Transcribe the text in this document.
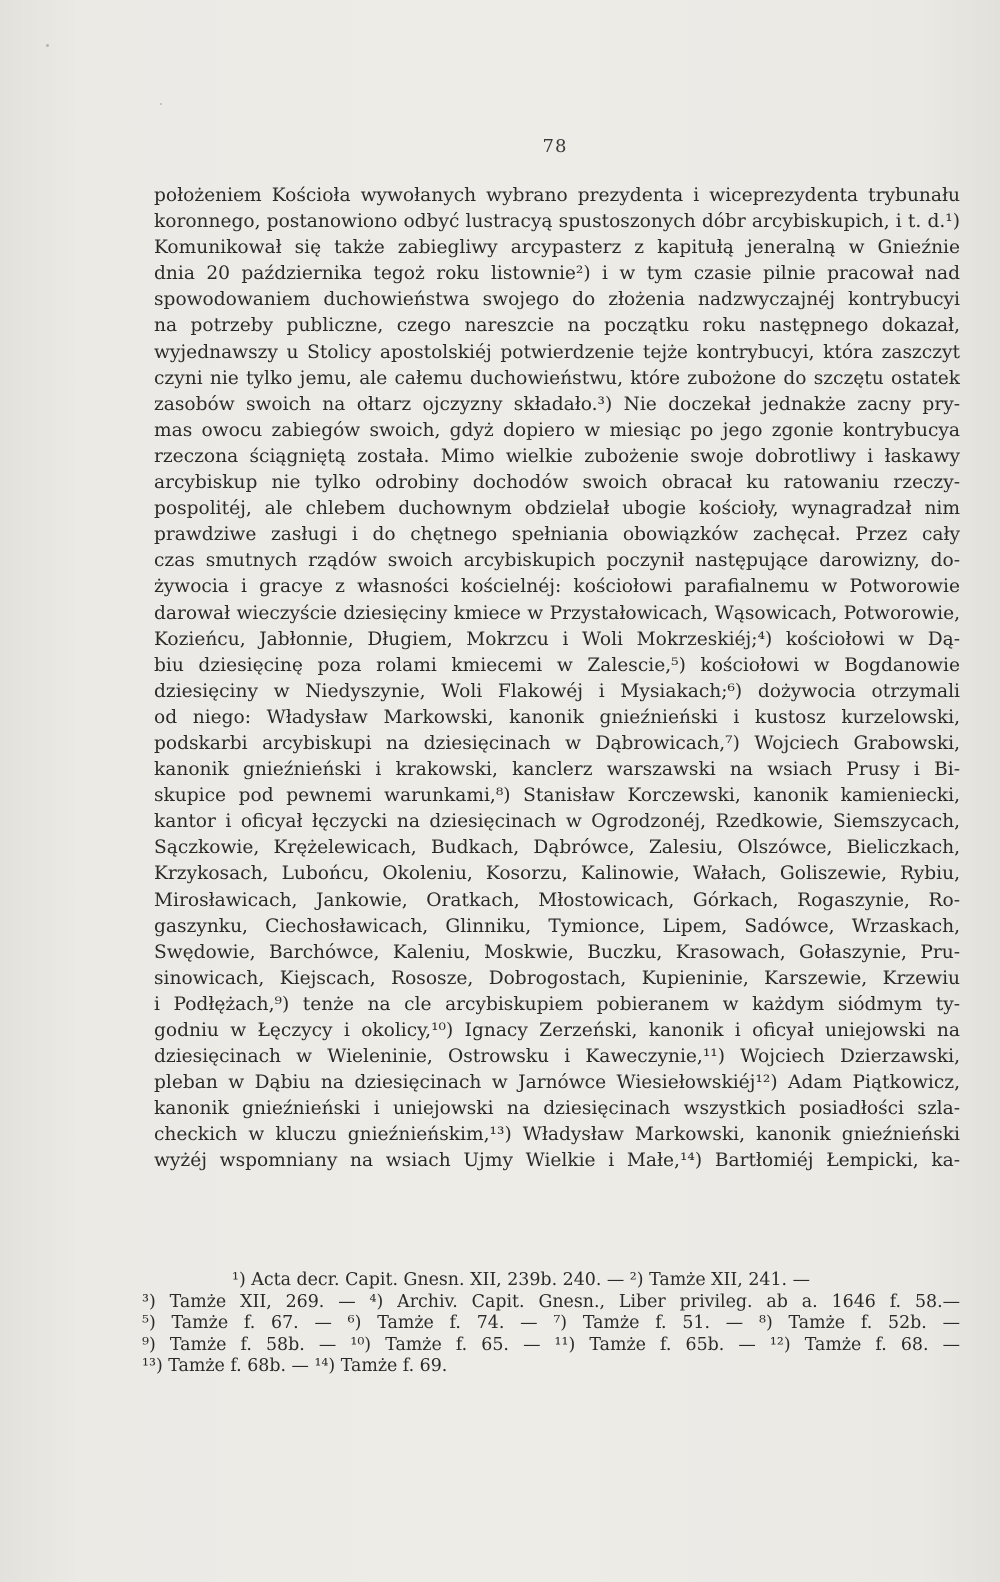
78
położeniem Kościoła wywołanych wybrano prezydenta i wiceprezydenta trybunału
koronnego, postanowiono odbyć lustracyą spustoszonych dóbr arcybiskupich, i t. d.¹)
Komunikował się także zabiegliwy arcypasterz z kapitułą jeneralną w Gnieźnie
dnia 20 października tegoż roku listownie²) i w tym czasie pilnie pracował nad
spowodowaniem duchowieństwa swojego do złożenia nadzwyczajnéj kontrybucyi
na potrzeby publiczne, czego nareszcie na początku roku następnego dokazał,
wyjednawszy u Stolicy apostolskiéj potwierdzenie tejże kontrybucyi, która zaszczyt
czyni nie tylko jemu, ale całemu duchowieństwu, które zubożone do szczętu ostatek
zasobów swoich na ołtarz ojczyzny składało.³) Nie doczekał jednakże zacny pry-
mas owocu zabiegów swoich, gdyż dopiero w miesiąc po jego zgonie kontrybucya
rzeczona ściągniętą została. Mimo wielkie zubożenie swoje dobrotliwy i łaskawy
arcybiskup nie tylko odrobiny dochodów swoich obracał ku ratowaniu rzeczy-
pospolitéj, ale chlebem duchownym obdzielał ubogie kościoły, wynagradzał nim
prawdziwe zasługi i do chętnego spełniania obowiązków zachęcał. Przez cały
czas smutnych rządów swoich arcybiskupich poczynił następujące darowizny, do-
żywocia i gracye z własności kościelnéj: kościołowi parafialnemu w Potworowie
darował wieczyście dziesięciny kmiece w Przystałowicach, Wąsowicach, Potworowie,
Kozieńcu, Jabłonnie, Długiem, Mokrzcu i Woli Mokrzeskiéj;⁴) kościołowi w Dą-
biu dziesięcinę poza rolami kmiecemi w Zalescie,⁵) kościołowi w Bogdanowie
dziesięciny w Niedyszynie, Woli Flakowéj i Mysiakach;⁶) dożywocia otrzymali
od niego: Władysław Markowski, kanonik gnieźnieński i kustosz kurzelowski,
podskarbi arcybiskupi na dziesięcinach w Dąbrowicach,⁷) Wojciech Grabowski,
kanonik gnieźnieński i krakowski, kanclerz warszawski na wsiach Prusy i Bi-
skupice pod pewnemi warunkami,⁸) Stanisław Korczewski, kanonik kamieniecki,
kantor i oficyał łęczycki na dziesięcinach w Ogrodzonéj, Rzedkowie, Siemszycach,
Sączkowie, Krężelewicach, Budkach, Dąbrówce, Zalesiu, Olszówce, Bieliczkach,
Krzykosach, Lubońcu, Okoleniu, Kosorzu, Kalinowie, Wałach, Goliszewie, Rybiu,
Mirosławicach, Jankowie, Oratkach, Młostowicach, Górkach, Rogaszynie, Ro-
gaszynku, Ciechosławicach, Glinniku, Tymionce, Lipem, Sadówce, Wrzaskach,
Swędowie, Barchówce, Kaleniu, Moskwie, Buczku, Krasowach, Gołaszynie, Pru-
sinowicach, Kiejscach, Rososze, Dobrogostach, Kupieninie, Karszewie, Krzewiu
i Podłężach,⁹) tenże na cle arcybiskupiem pobieranem w każdym siódmym ty-
godniu w Łęczycy i okolicy,¹⁰) Ignacy Zerzeński, kanonik i oficyał uniejowski na
dziesięcinach w Wieleninie, Ostrowsku i Kaweczynie,¹¹) Wojciech Dzierzawski,
pleban w Dąbiu na dziesięcinach w Jarnówce Wiesiełowskiéj¹²) Adam Piątkowicz,
kanonik gnieźnieński i uniejowski na dziesięcinach wszystkich posiadłości szla-
checkich w kluczu gnieźnieńskim,¹³) Władysław Markowski, kanonik gnieźnieński
wyżéj wspomniany na wsiach Ujmy Wielkie i Małe,¹⁴) Bartłomiéj Łempicki, ka-
¹) Acta decr. Capit. Gnesn. XII, 239b. 240. — ²) Tamże XII, 241. —
³) Tamże XII, 269. — ⁴) Archiv. Capit. Gnesn., Liber privileg. ab a. 1646 f. 58.—
⁵) Tamże f. 67. — ⁶) Tamże f. 74. — ⁷) Tamże f. 51. — ⁸) Tamże f. 52b. —
⁹) Tamże f. 58b. — ¹⁰) Tamże f. 65. — ¹¹) Tamże f. 65b. — ¹²) Tamże f. 68. —
¹³) Tamże f. 68b. — ¹⁴) Tamże f. 69.
